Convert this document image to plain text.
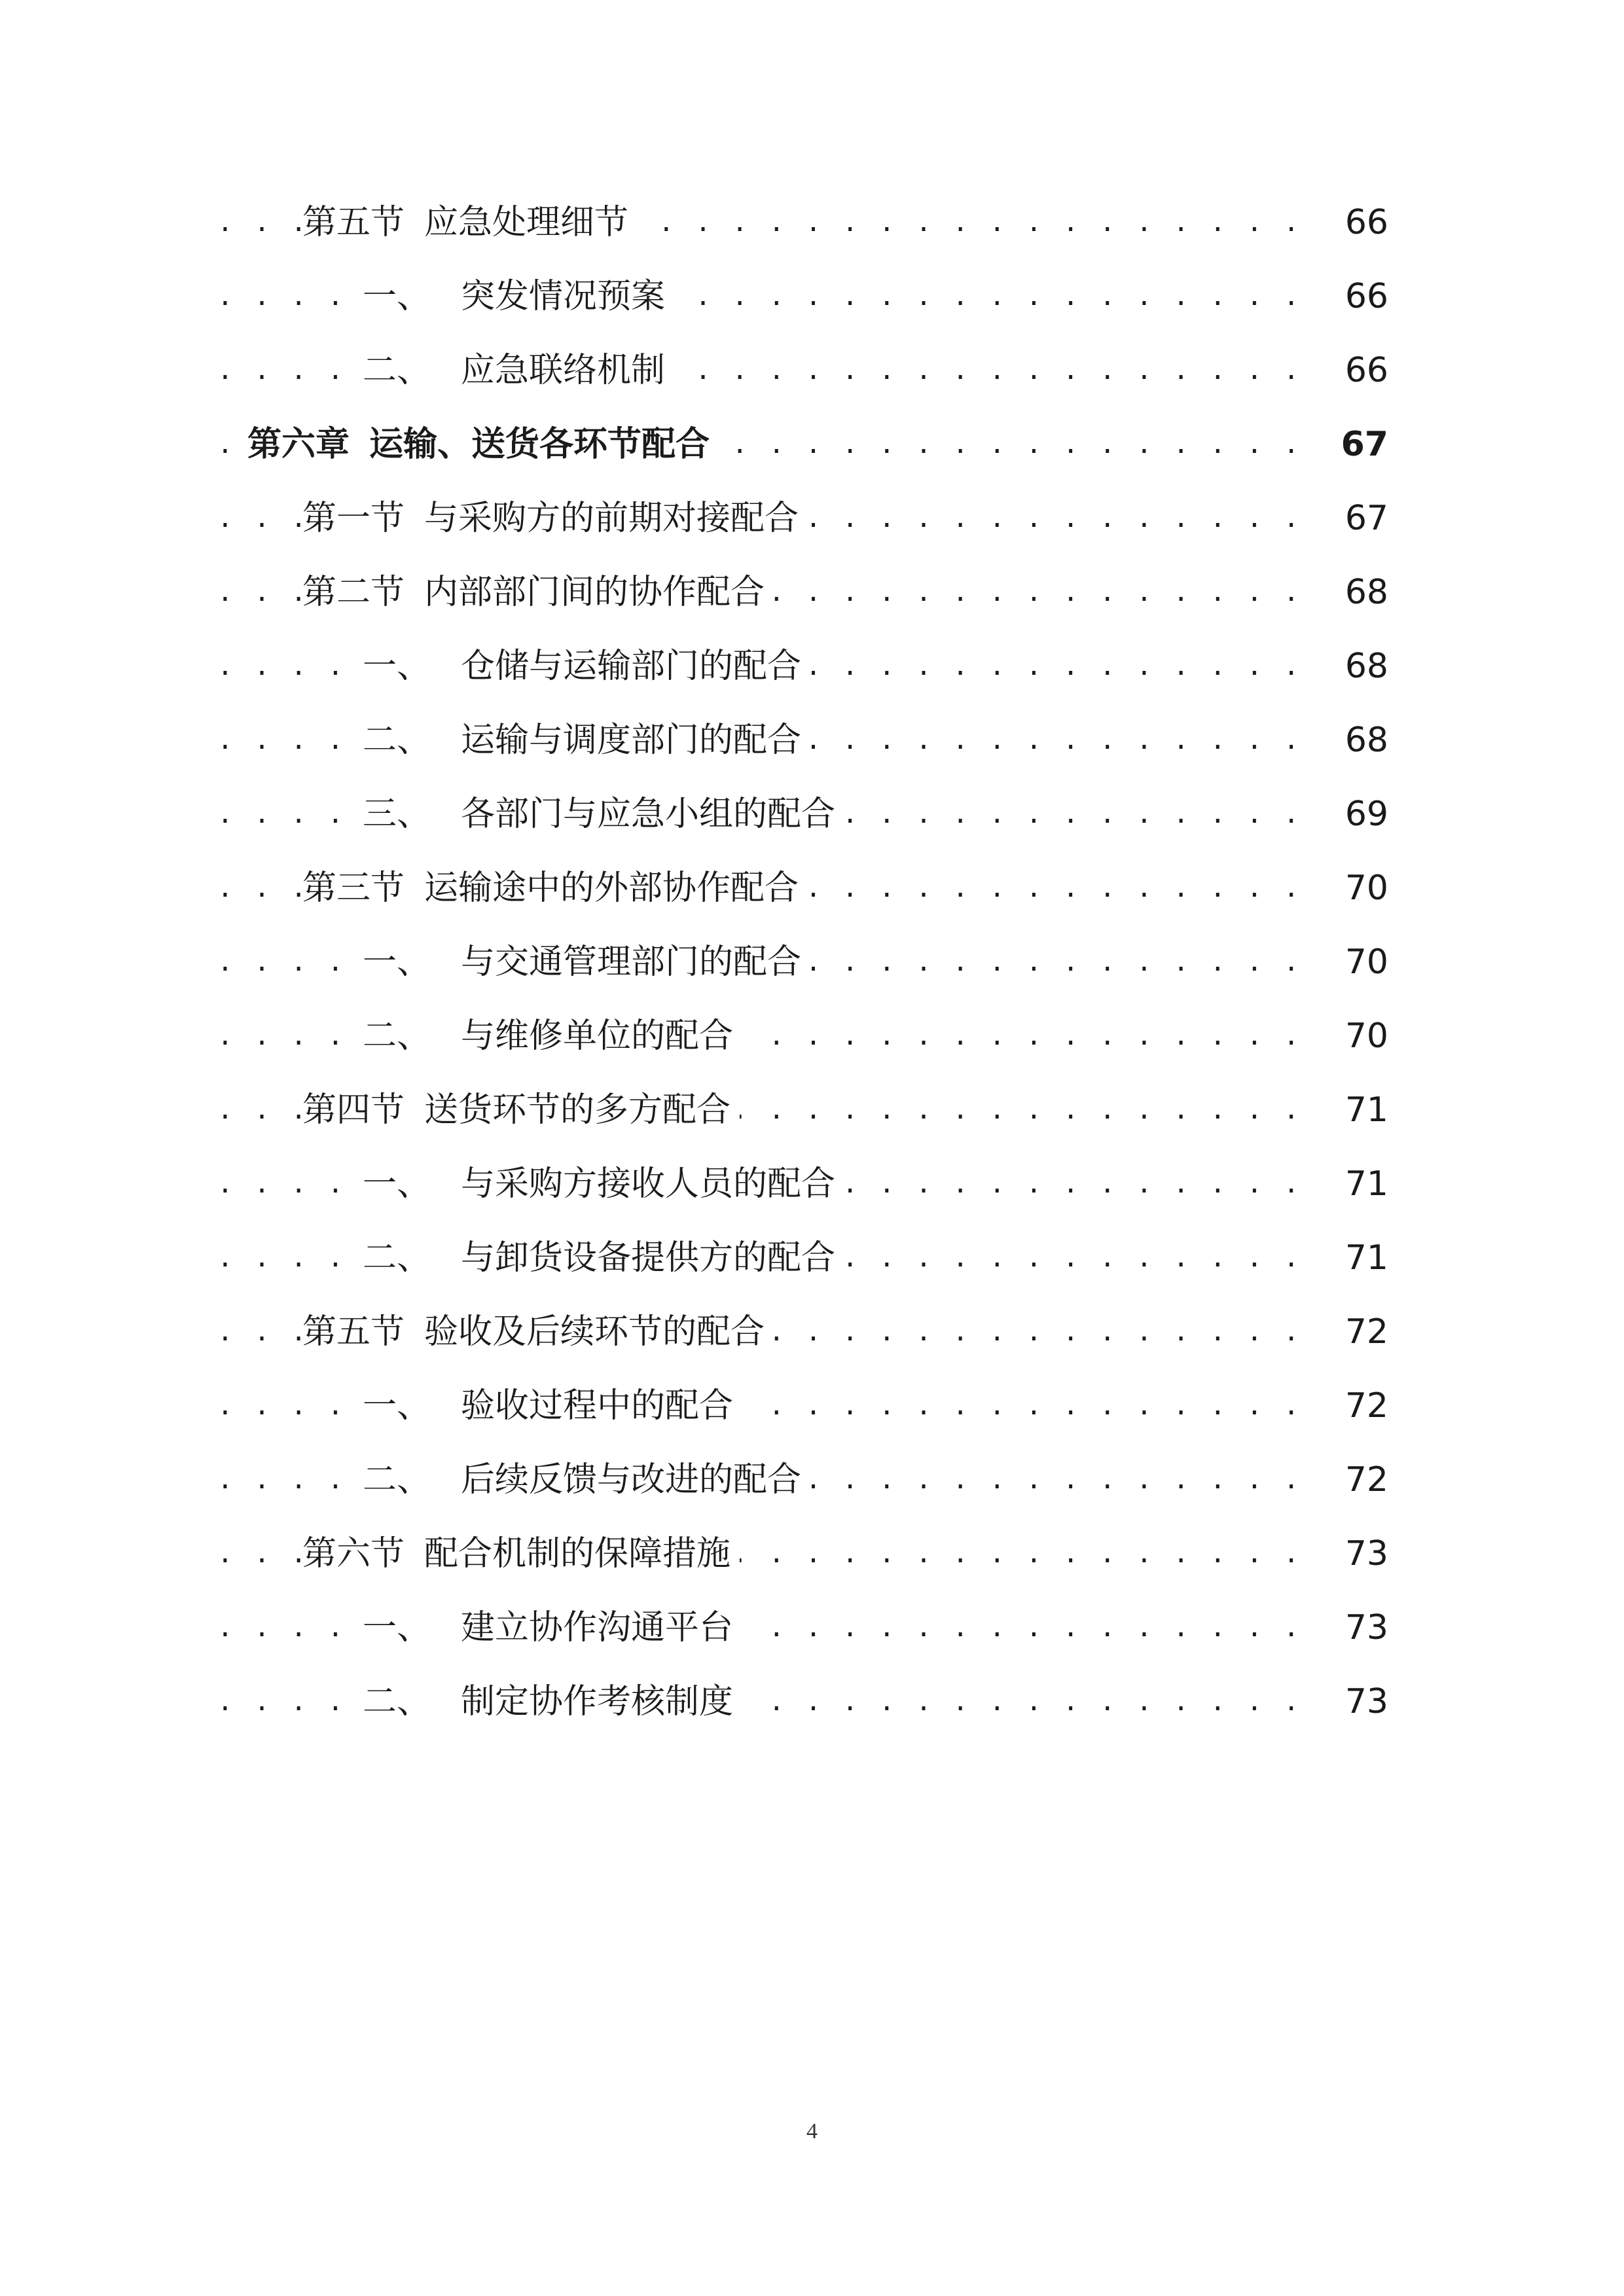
第五节 应急处理细节 . . .	66
一、 突发情况预案 . . .	66
二、 应急联络机制 . . .	66
第六章 运输、送货各环节配合 . . .	67
第一节 与采购方的前期对接配合 . . .	67
第二节 内部部门间的协作配合 . . .	68
一、 仓储与运输部门的配合 . . .	68
二、 运输与调度部门的配合 . . .	68
三、 各部门与应急小组的配合 . . .	69
第三节 运输途中的外部协作配合 . . .	70
一、 与交通管理部门的配合 . . .	70
二、 与维修单位的配合 . . .	70
第四节 送货环节的多方配合 . . .	71
一、 与采购方接收人员的配合 . . .	71
二、 与卸货设备提供方的配合 . . .	71
第五节 验收及后续环节的配合 . . .	72
一、 验收过程中的配合 . . .	72
二、 后续反馈与改进的配合 . . .	72
第六节 配合机制的保障措施 . . .	73
一、 建立协作沟通平台 . . .	73
二、 制定协作考核制度 . . .	73
4
